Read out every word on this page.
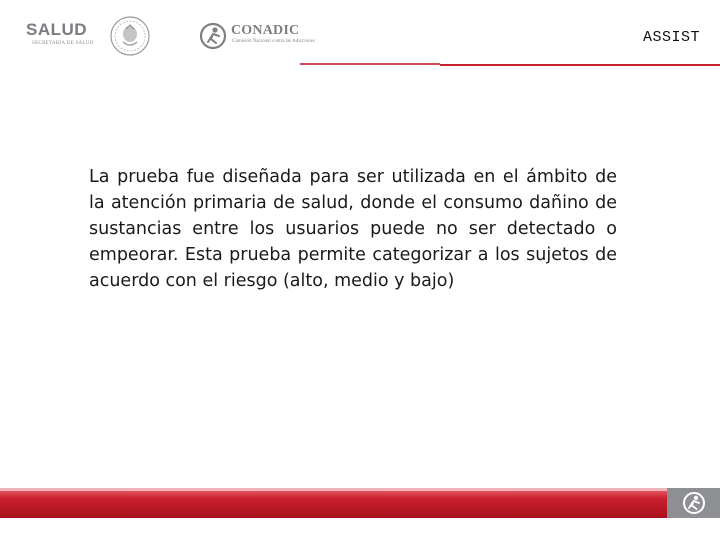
SALUD
SECRETARÍA DE SALUD
CONADIC
Comisión Nacional contra las Adicciones	ASSIST

La prueba fue diseñada para ser utilizada en el ámbito de la atención primaria de salud, donde el consumo dañino de sustancias entre los usuarios puede no ser detectado o empeorar. Esta prueba permite categorizar a los sujetos de acuerdo con el riesgo (alto, medio y bajo)
